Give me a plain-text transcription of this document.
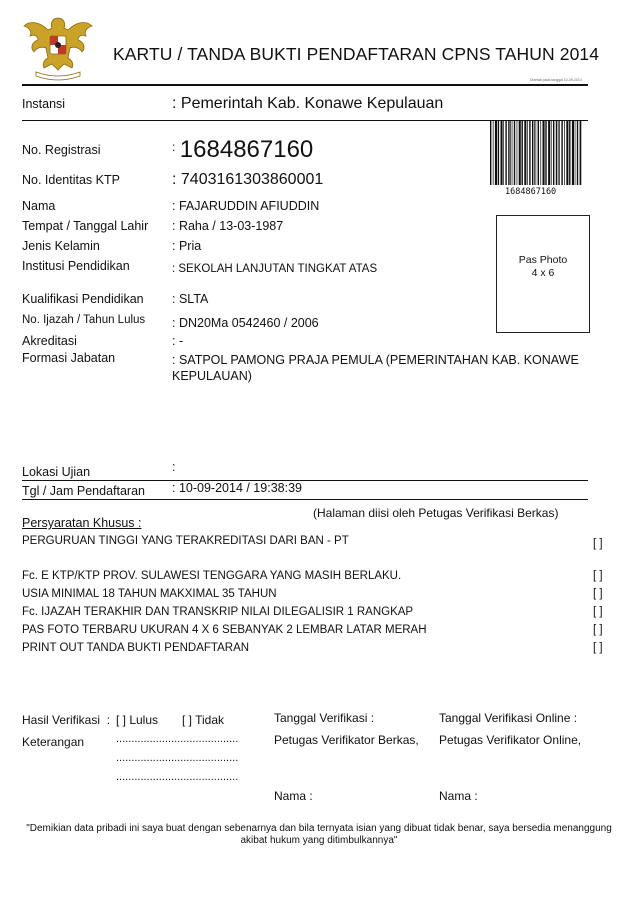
KARTU / TANDA BUKTI PENDAFTARAN CPNS TAHUN 2014
Dicetak pada tanggal 10-09-2014
Instansi	: Pemerintah Kab. Konawe Kepulauan
No. Registrasi	: 1684867160
1684867160
No. Identitas KTP	: 7403161303860001
Nama	: FAJARUDDIN AFIUDDIN
Tempat / Tanggal Lahir : Raha / 13-03-1987
Jenis Kelamin	: Pria
Institusi Pendidikan	: SEKOLAH LANJUTAN TINGKAT ATAS
Pas Photo
4 x 6
Kualifikasi Pendidikan : SLTA
No. Ijazah / Tahun Lulus : DN20Ma 0542460 / 2006
Akreditasi	: -
Formasi Jabatan	: SATPOL PAMONG PRAJA PEMULA (PEMERINTAHAN KAB. KONAWE KEPULAUAN)
Lokasi Ujian	:
Tgl / Jam Pendaftaran : 10-09-2014 / 19:38:39
(Halaman diisi oleh Petugas Verifikasi Berkas)
Persyaratan Khusus :
PERGURUAN TINGGI YANG TERAKREDITASI DARI BAN - PT	[ ]
Fc. E KTP/KTP PROV. SULAWESI TENGGARA YANG MASIH BERLAKU.	[ ]
USIA MINIMAL 18 TAHUN MAKXIMAL 35 TAHUN	[ ]
Fc. IJAZAH TERAKHIR DAN TRANSKRIP NILAI DILEGALISIR 1 RANGKAP	[ ]
PAS FOTO TERBARU UKURAN 4 X 6 SEBANYAK 2 LEMBAR LATAR MERAH	[ ]
PRINT OUT TANDA BUKTI PENDAFTARAN	[ ]
Hasil Verifikasi  : [ ] Lulus [ ] Tidak
Keterangan	........................................
........................................
........................................
Tanggal Verifikasi :	Tanggal Verifikasi Online :
Petugas Verifikator Berkas, Petugas Verifikator Online,
Nama :	Nama :
"Demikian data pribadi ini saya buat dengan sebenarnya dan bila ternyata isian yang dibuat tidak benar, saya bersedia menanggung akibat hukum yang ditimbulkannya"
